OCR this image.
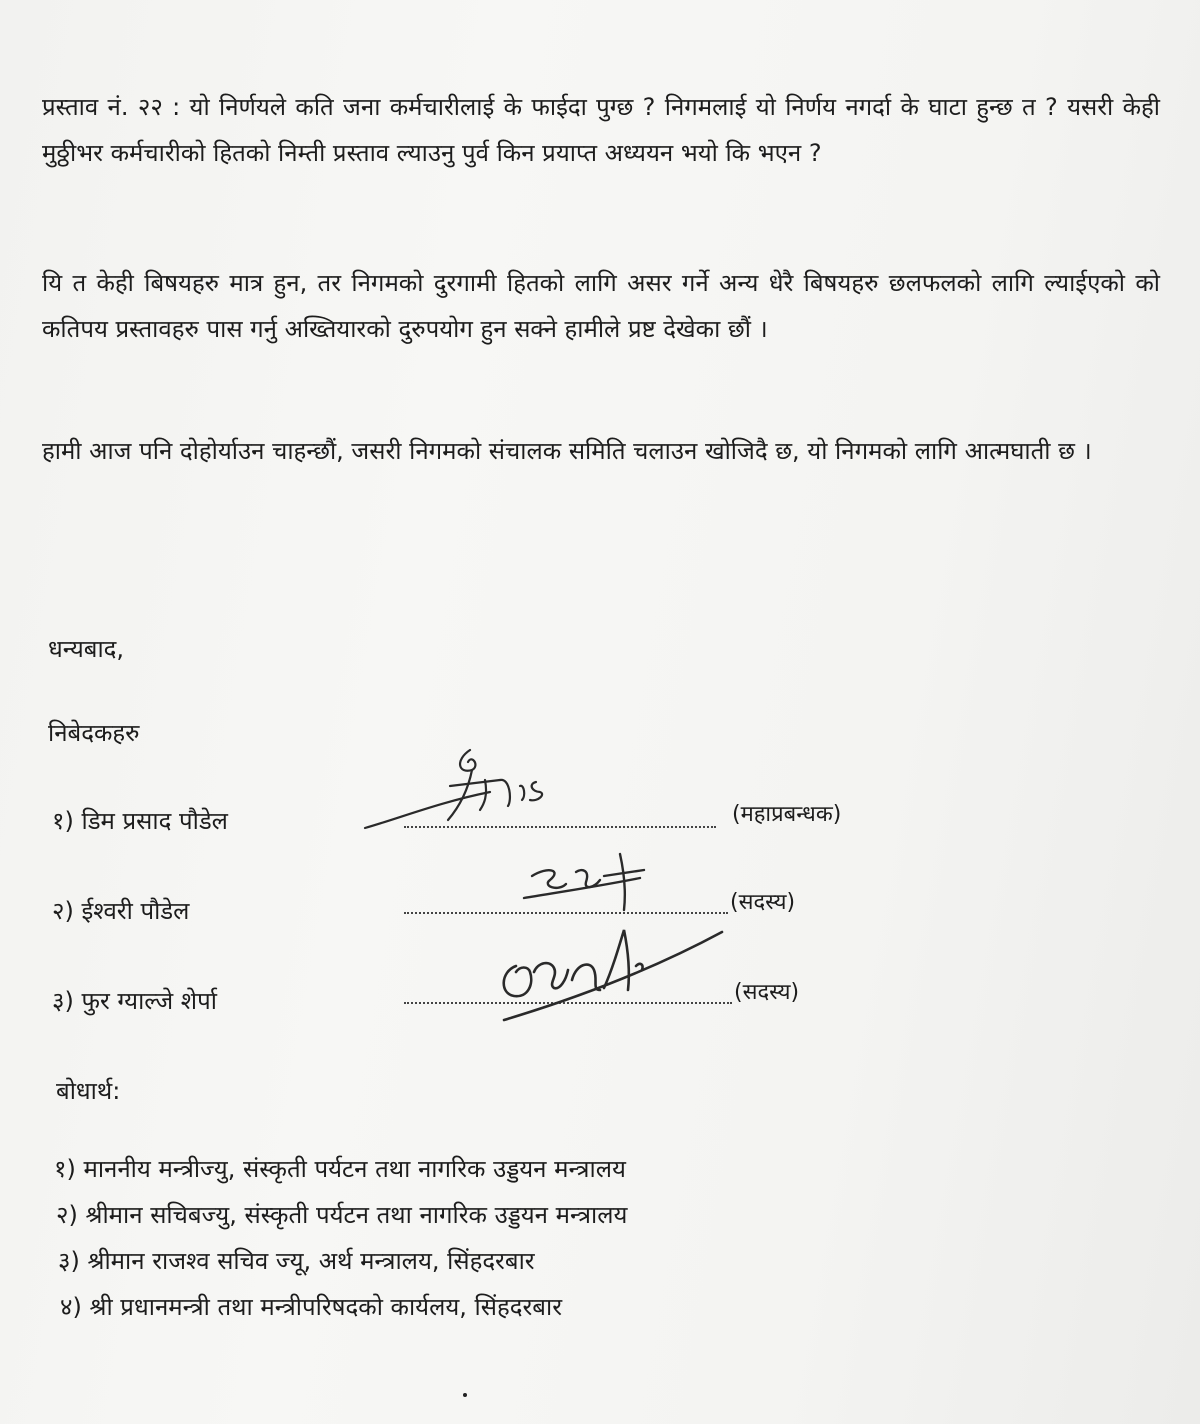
प्रस्ताव नं. २२ : यो निर्णयले कति जना कर्मचारीलाई के फाईदा पुग्छ ? निगमलाई यो निर्णय नगर्दा के घाटा हुन्छ त ? यसरी केही मुठ्ठीभर कर्मचारीको हितको निम्ती प्रस्ताव ल्याउनु पुर्व किन प्रयाप्त अध्ययन भयो कि भएन ?

यि त केही बिषयहरु मात्र हुन, तर निगमको दुरगामी हितको लागि असर गर्ने अन्य धेरै बिषयहरु छलफलको लागि ल्याईएको को कतिपय प्रस्तावहरु पास गर्नु अख्तियारको दुरुपयोग हुन सक्ने हामीले प्रष्ट देखेका छौं ।

हामी आज पनि दोहोर्याउन चाहन्छौं, जसरी निगमको संचालक समिति चलाउन खोजिदै छ, यो निगमको लागि आत्मघाती छ ।

धन्यबाद,

निबेदकहरु

१) डिम प्रसाद पौडेल	(महाप्रबन्धक)
२) ईश्वरी पौडेल	(सदस्य)
३) फुर ग्याल्जे शेर्पा	(सदस्य)

बोधार्थ:

१) माननीय मन्त्रीज्यु, संस्कृती पर्यटन तथा नागरिक उड्डयन मन्त्रालय

२) श्रीमान सचिबज्यु, संस्कृती पर्यटन तथा नागरिक उड्डयन मन्त्रालय

३) श्रीमान राजश्व सचिव ज्यू, अर्थ मन्त्रालय, सिंहदरबार

४) श्री प्रधानमन्त्री तथा मन्त्रीपरिषदको कार्यलय, सिंहदरबार
